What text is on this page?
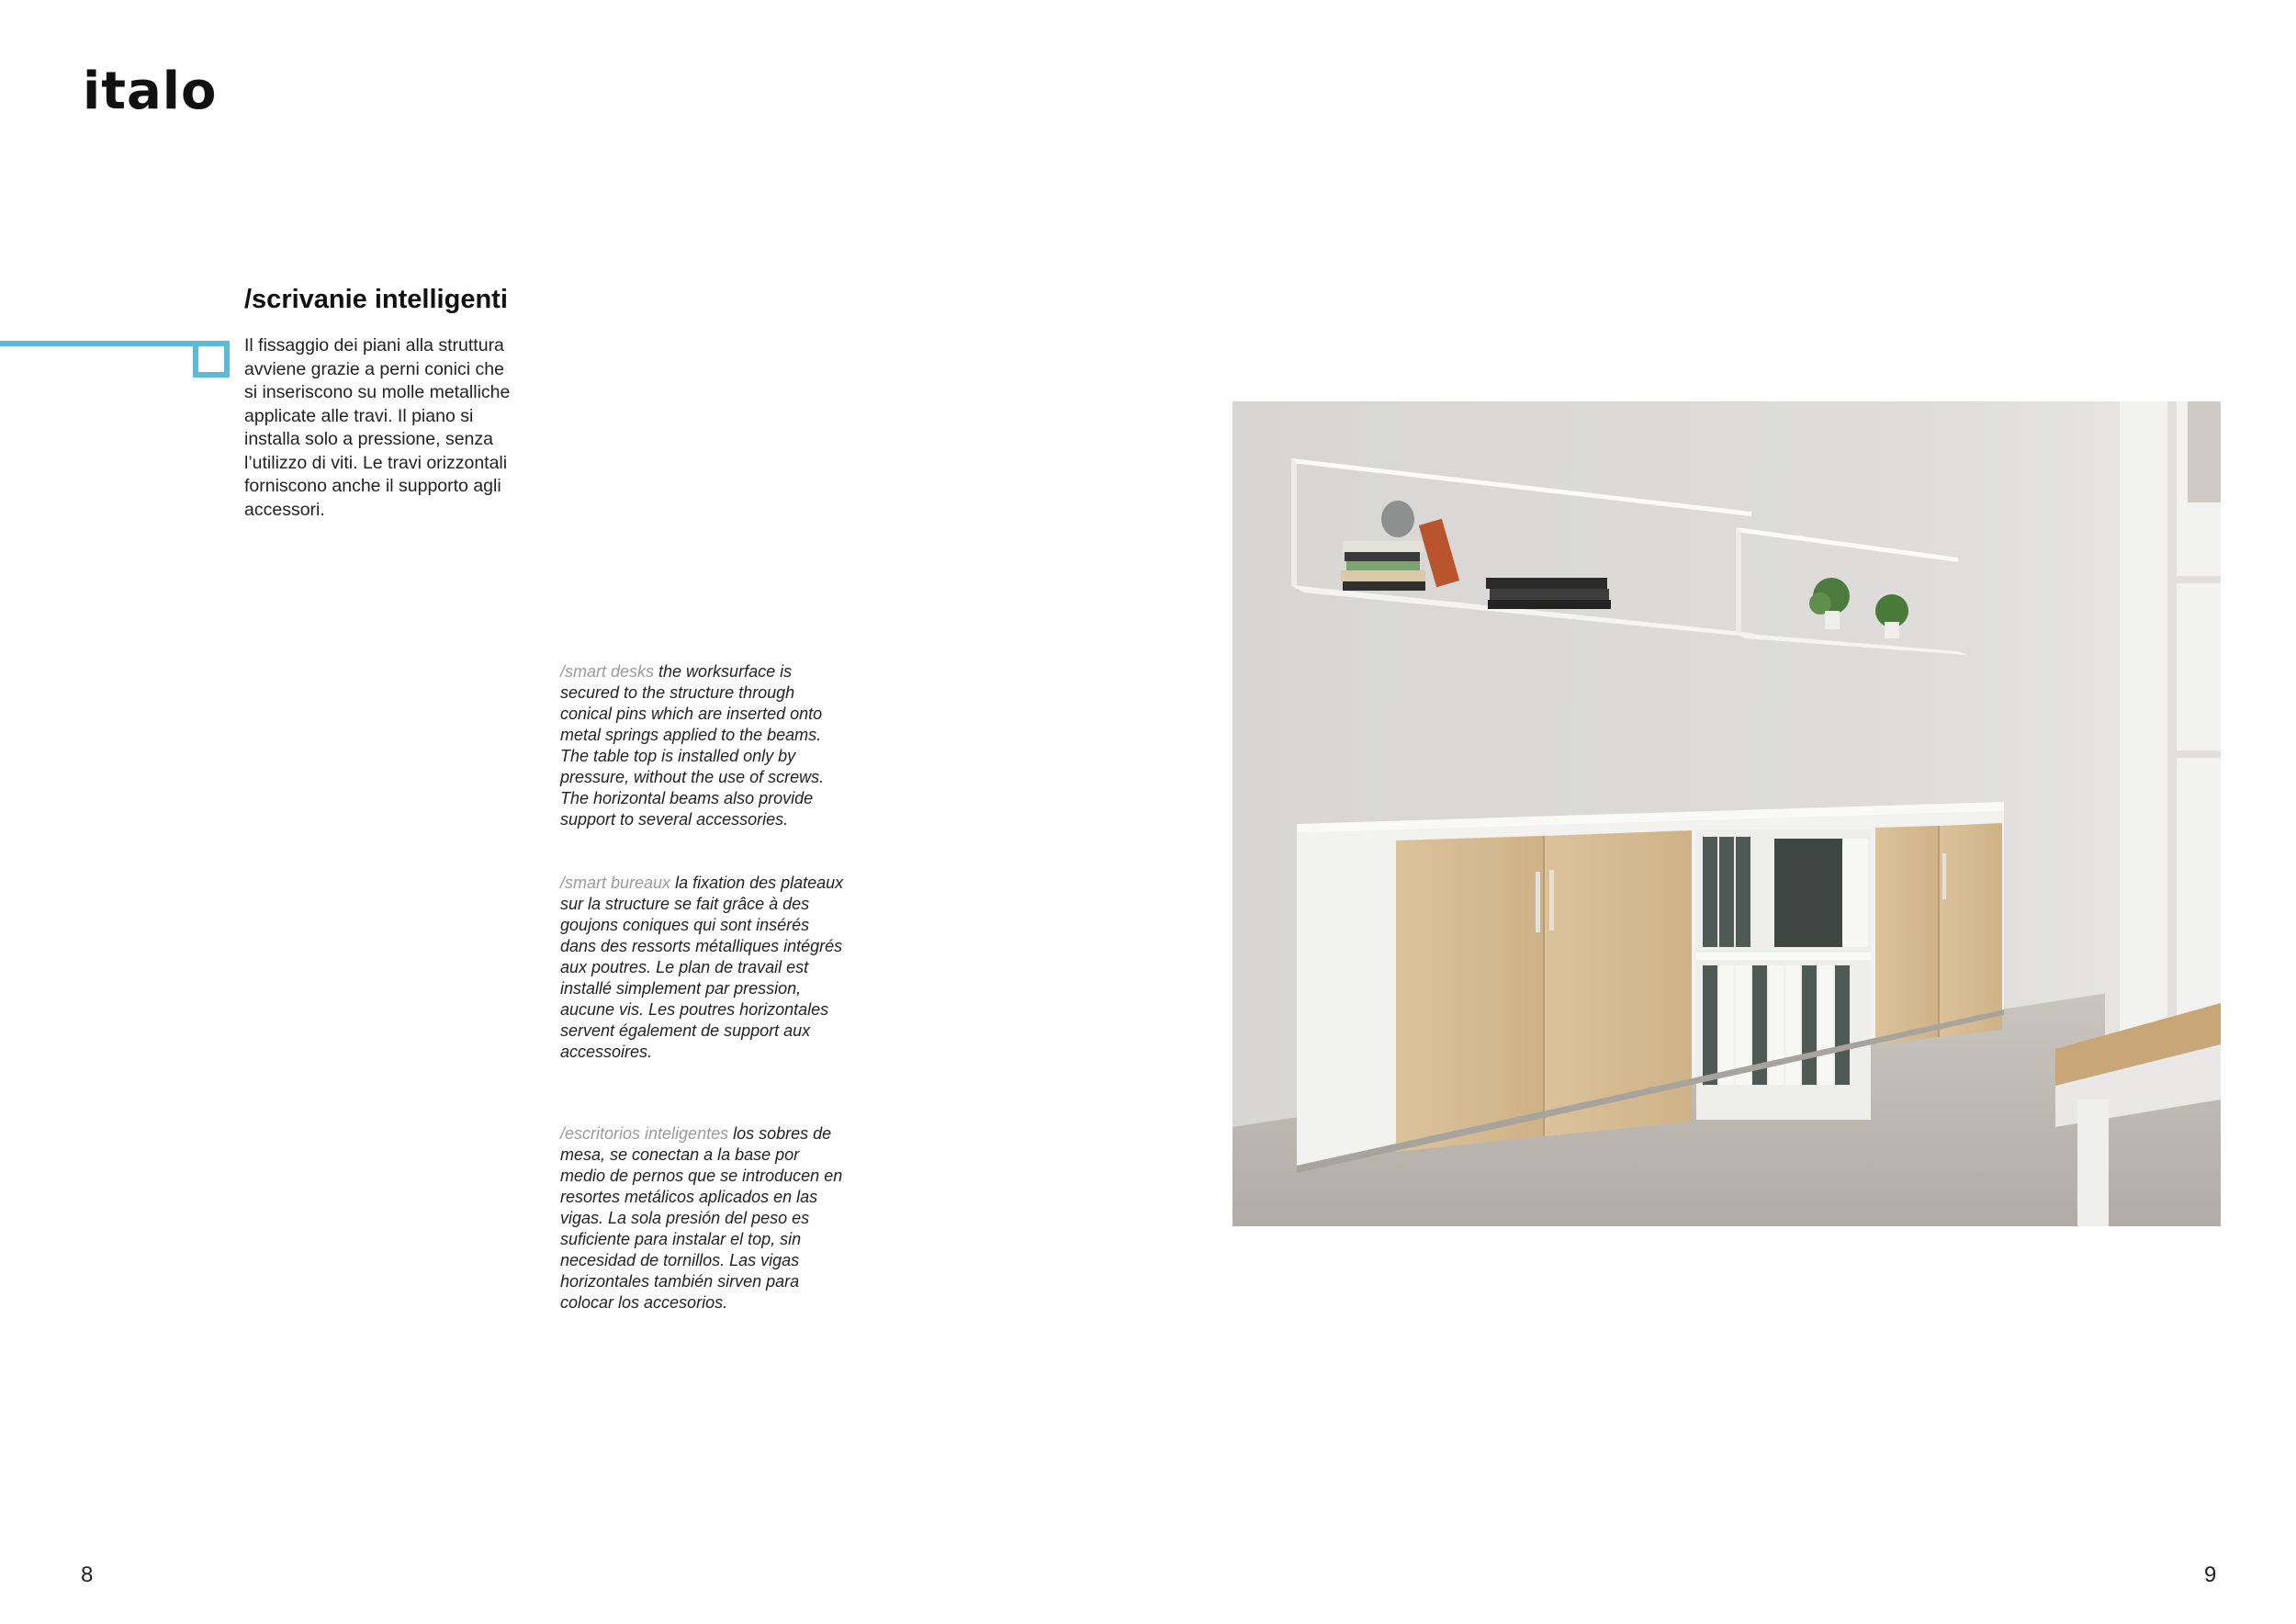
italo
/scrivanie intelligenti

Il fissaggio dei piani alla struttura avviene grazie a perni conici che si inseriscono su molle metalliche applicate alle travi. Il piano si installa solo a pressione, senza l’utilizzo di viti. Le travi orizzontali forniscono anche il supporto agli accessori.

/smart desks the worksurface is secured to the structure through conical pins which are inserted onto metal springs applied to the beams. The table top is installed only by pressure, without the use of screws. The horizontal beams also provide support to several accessories.

/smart bureaux la fixation des plateaux sur la structure se fait grâce à des goujons coniques qui sont insérés dans des ressorts métalliques intégrés aux poutres. Le plan de travail est installé simplement par pression, aucune vis. Les poutres horizontales servent également de support aux accessoires.

/escritorios inteligentes los sobres de mesa, se conectan a la base por medio de pernos que se introducen en resortes metálicos aplicados en las vigas. La sola presión del peso es suficiente para instalar el top, sin necesidad de tornillos. Las vigas horizontales también sirven para colocar los accesorios.

8	9
